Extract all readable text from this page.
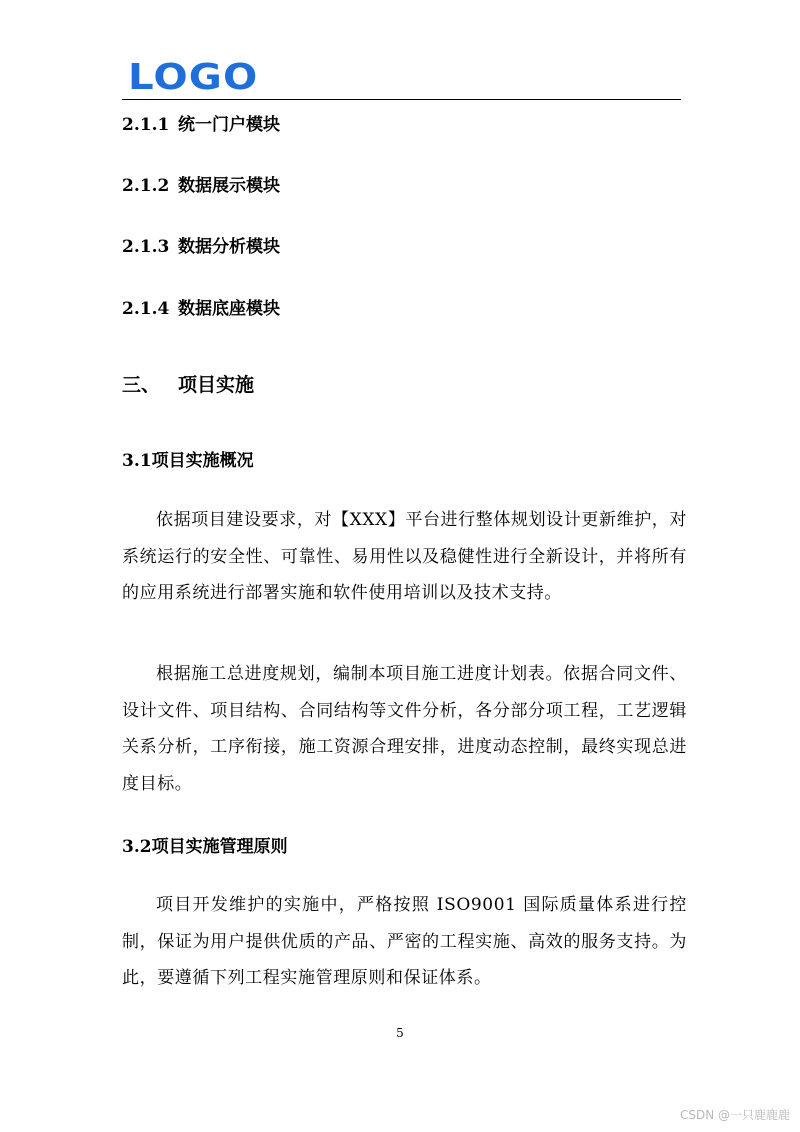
LOGO
2.1.1 统一门户模块
2.1.2 数据展示模块
2.1.3 数据分析模块
2.1.4 数据底座模块
三、 项目实施
3.1项目实施概况

依据项目建设要求，对【XXX】平台进行整体规划设计更新维护，对系统运行的安全性、可靠性、易用性以及稳健性进行全新设计，并将所有的应用系统进行部署实施和软件使用培训以及技术支持。

根据施工总进度规划，编制本项目施工进度计划表。依据合同文件、设计文件、项目结构、合同结构等文件分析，各分部分项工程，工艺逻辑关系分析，工序衔接，施工资源合理安排，进度动态控制，最终实现总进度目标。

3.2项目实施管理原则

项目开发维护的实施中，严格按照 ISO9001 国际质量体系进行控制，保证为用户提供优质的产品、严密的工程实施、高效的服务支持。为此，要遵循下列工程实施管理原则和保证体系。

5
CSDN @一只鹿鹿鹿
